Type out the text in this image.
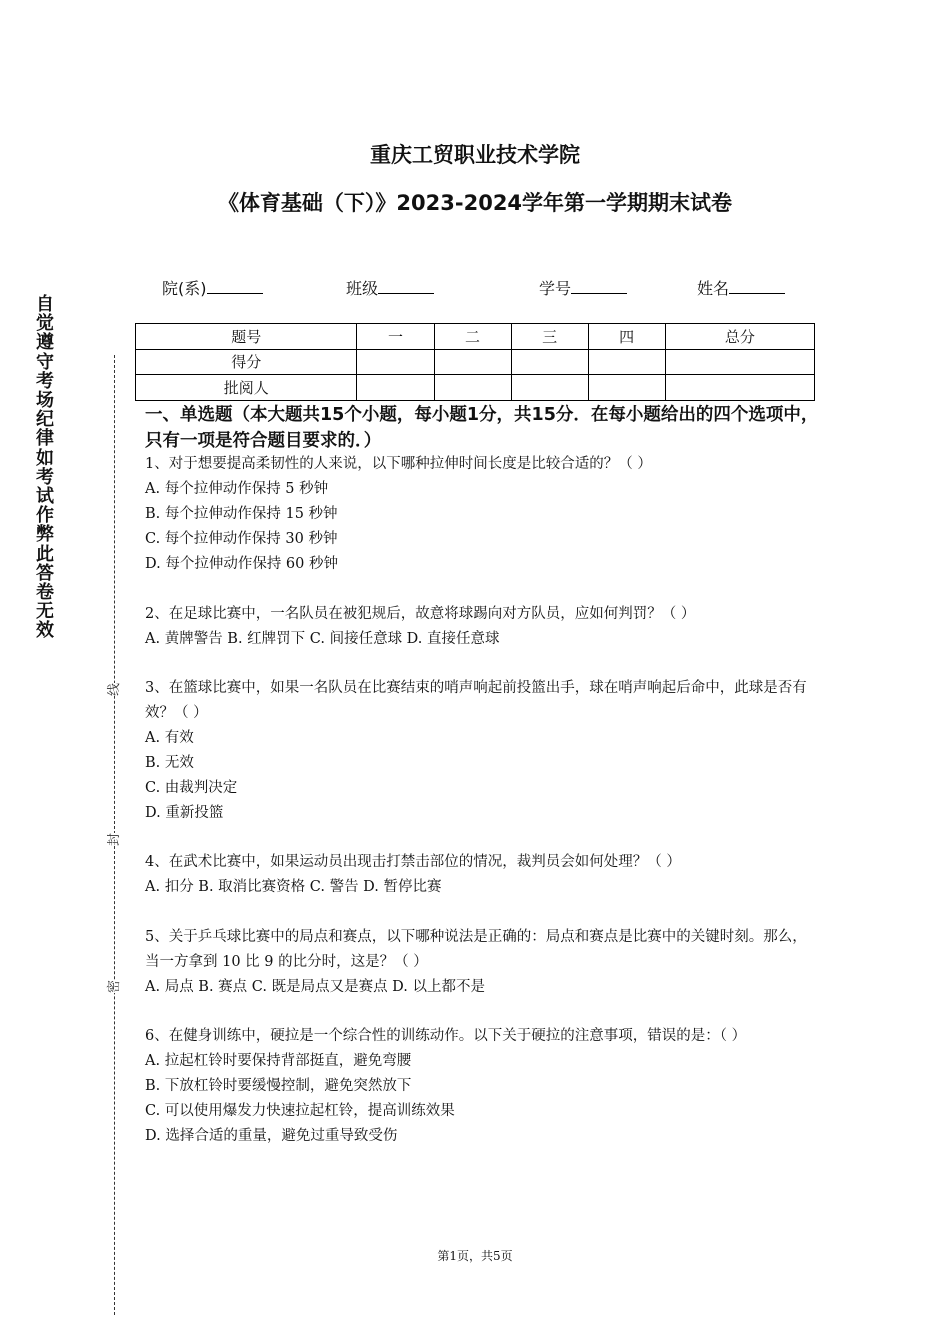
重庆工贸职业技术学院
《体育基础（下）》2023-2024学年第一学期期末试卷
院(系)	班级	学号	姓名
题号	一	二	三	四	总分
得分					
批阅人					
自觉遵守考场纪律如考试作弊此答卷无效
线
封
密
一、单选题（本大题共15个小题，每小题1分，共15分．在每小题给出的四个选项中，只有一项是符合题目要求的．）
1、对于想要提高柔韧性的人来说，以下哪种拉伸时间长度是比较合适的？（ ）
A. 每个拉伸动作保持 5 秒钟
B. 每个拉伸动作保持 15 秒钟
C. 每个拉伸动作保持 30 秒钟
D. 每个拉伸动作保持 60 秒钟
2、在足球比赛中，一名队员在被犯规后，故意将球踢向对方队员，应如何判罚？（ ）
A. 黄牌警告 B. 红牌罚下 C. 间接任意球 D. 直接任意球
3、在篮球比赛中，如果一名队员在比赛结束的哨声响起前投篮出手，球在哨声响起后命中，此球是否有效？（ ）
A. 有效
B. 无效
C. 由裁判决定
D. 重新投篮
4、在武术比赛中，如果运动员出现击打禁击部位的情况，裁判员会如何处理？（ ）
A. 扣分 B. 取消比赛资格 C. 警告 D. 暂停比赛
5、关于乒乓球比赛中的局点和赛点，以下哪种说法是正确的：局点和赛点是比赛中的关键时刻。那么，当一方拿到 10 比 9 的比分时，这是？（ ）
A. 局点 B. 赛点 C. 既是局点又是赛点 D. 以上都不是
6、在健身训练中，硬拉是一个综合性的训练动作。以下关于硬拉的注意事项，错误的是：（ ）
A. 拉起杠铃时要保持背部挺直，避免弯腰
B. 下放杠铃时要缓慢控制，避免突然放下
C. 可以使用爆发力快速拉起杠铃，提高训练效果
D. 选择合适的重量，避免过重导致受伤
第1页，共5页
